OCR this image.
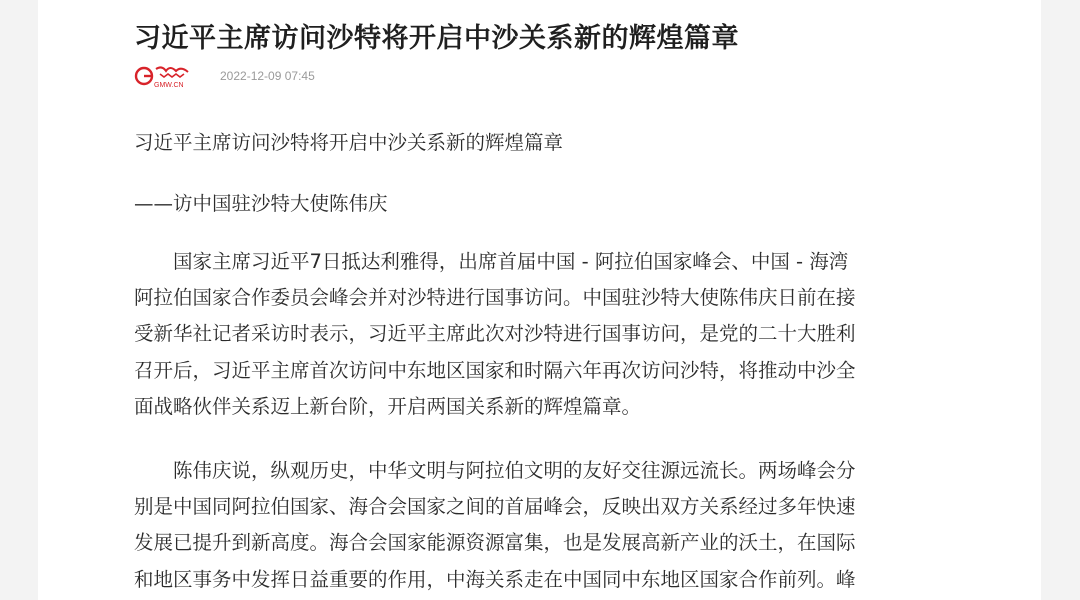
习近平主席访问沙特将开启中沙关系新的辉煌篇章
GMW.CN
2022-12-09 07:45

习近平主席访问沙特将开启中沙关系新的辉煌篇章

——访中国驻沙特大使陈伟庆

国家主席习近平7日抵达利雅得，出席首届中国 - 阿拉伯国家峰会、中国 - 海湾
阿拉伯国家合作委员会峰会并对沙特进行国事访问。中国驻沙特大使陈伟庆日前在接
受新华社记者采访时表示，习近平主席此次对沙特进行国事访问，是党的二十大胜利
召开后，习近平主席首次访问中东地区国家和时隔六年再次访问沙特，将推动中沙全
面战略伙伴关系迈上新台阶，开启两国关系新的辉煌篇章。
陈伟庆说，纵观历史，中华文明与阿拉伯文明的友好交往源远流长。两场峰会分
别是中国同阿拉伯国家、海合会国家之间的首届峰会，反映出双方关系经过多年快速
发展已提升到新高度。海合会国家能源资源富集，也是发展高新产业的沃土，在国际
和地区事务中发挥日益重要的作用，中海关系走在中国同中东地区国家合作前列。峰
